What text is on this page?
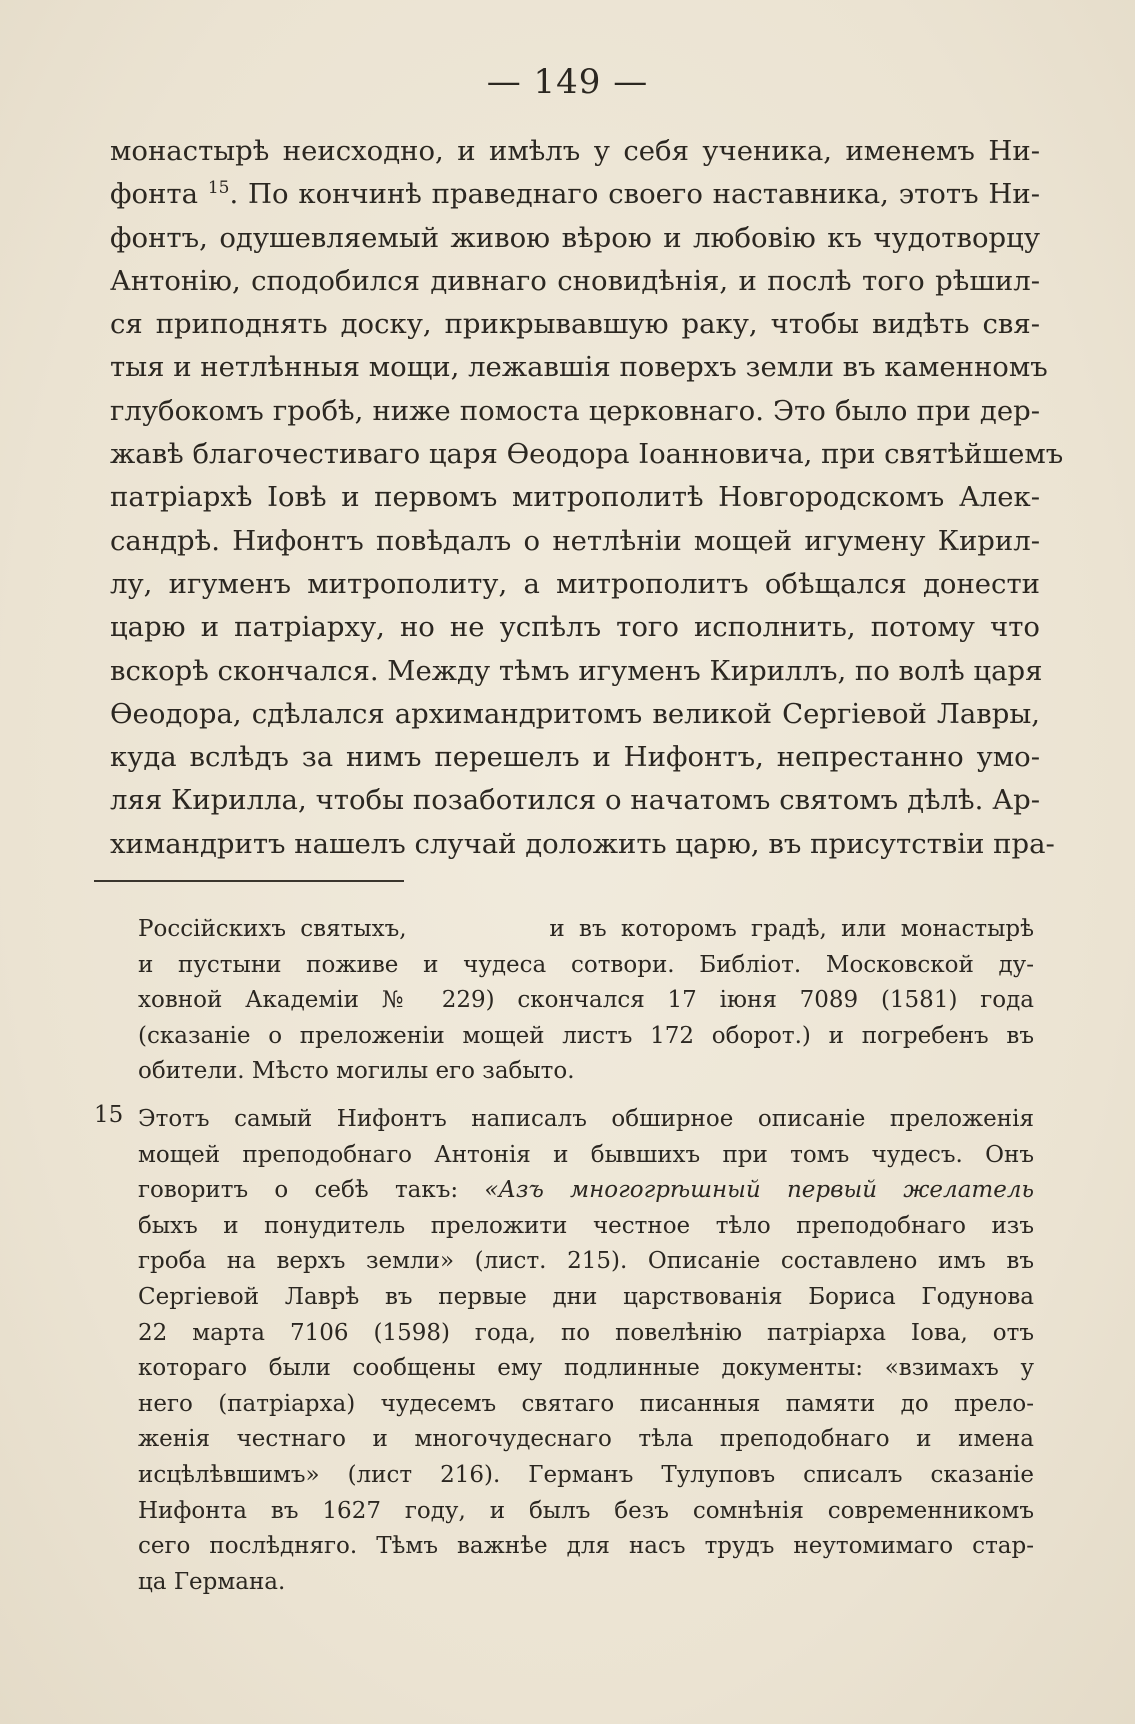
— 149 —
монастырѣ неисходно, и имѣлъ у себя ученика, именемъ Ни-
фонта $^{15}$. По кончинѣ праведнаго своего наставника, этотъ Ни-
фонтъ, одушевляемый живою вѣрою и любовію къ чудотворцу
Антонію, сподобился дивнаго сновидѣнія, и послѣ того рѣшил-
ся приподнять доску, прикрывавшую раку, чтобы видѣть свя-
тыя и нетлѣнныя мощи, лежавшія поверхъ земли въ каменномъ
глубокомъ гробѣ, ниже помоста церковнаго. Это было при дер-
жавѣ благочестиваго царя Ѳеодора Іоанновича, при святѣйшемъ
патріархѣ Іовѣ и первомъ митрополитѣ Новгородскомъ Алек-
сандрѣ. Нифонтъ повѣдалъ о нетлѣніи мощей игумену Кирил-
лу, игуменъ митрополиту, а митрополитъ обѣщался донести
царю и патріарху, но не успѣлъ того исполнить, потому что
вскорѣ скончался. Между тѣмъ игуменъ Кириллъ, по волѣ царя
Ѳеодора, сдѣлался архимандритомъ великой Сергіевой Лавры,
куда вслѣдъ за нимъ перешелъ и Нифонтъ, непрестанно умо-
ляя Кирилла, чтобы позаботился о начатомъ святомъ дѣлѣ. Ар-
химандритъ нашелъ случай доложить царю, въ присутствіи пра-
Россійскихъ святыхъ,          и въ которомъ градѣ, или монастырѣ
и пустыни поживе и чудеса сотвори. Библіот. Московской ду-
ховной Академіи № 229) скончался 17 іюня 7089 (1581) года
(сказаніе о преложеніи мощей листъ 172 оборот.) и погребенъ въ
обители. Мѣсто могилы его забыто.
15 Этотъ самый Нифонтъ написалъ обширное описаніе преложенія
мощей преподобнаго Антонія и бывшихъ при томъ чудесъ. Онъ
говоритъ о себѣ такъ: «Азъ многогрѣшный первый желатель
быхъ и понудитель преложити честное тѣло преподобнаго изъ
гроба на верхъ земли» (лист. 215). Описаніе составлено имъ въ
Сергіевой Лаврѣ въ первые дни царствованія Бориса Годунова
22 марта 7106 (1598) года, по повелѣнію патріарха Іова, отъ
котораго были сообщены ему подлинные документы: «взимахъ у
него (патріарха) чудесемъ святаго писанныя памяти до прело-
женія честнаго и многочудеснаго тѣла преподобнаго и имена
исцѣлѣвшимъ» (лист 216). Германъ Тулуповъ списалъ сказаніе
Нифонта въ 1627 году, и былъ безъ сомнѣнія современникомъ
сего послѣдняго. Тѣмъ важнѣе для насъ трудъ неутомимаго стар-
ца Германа.
